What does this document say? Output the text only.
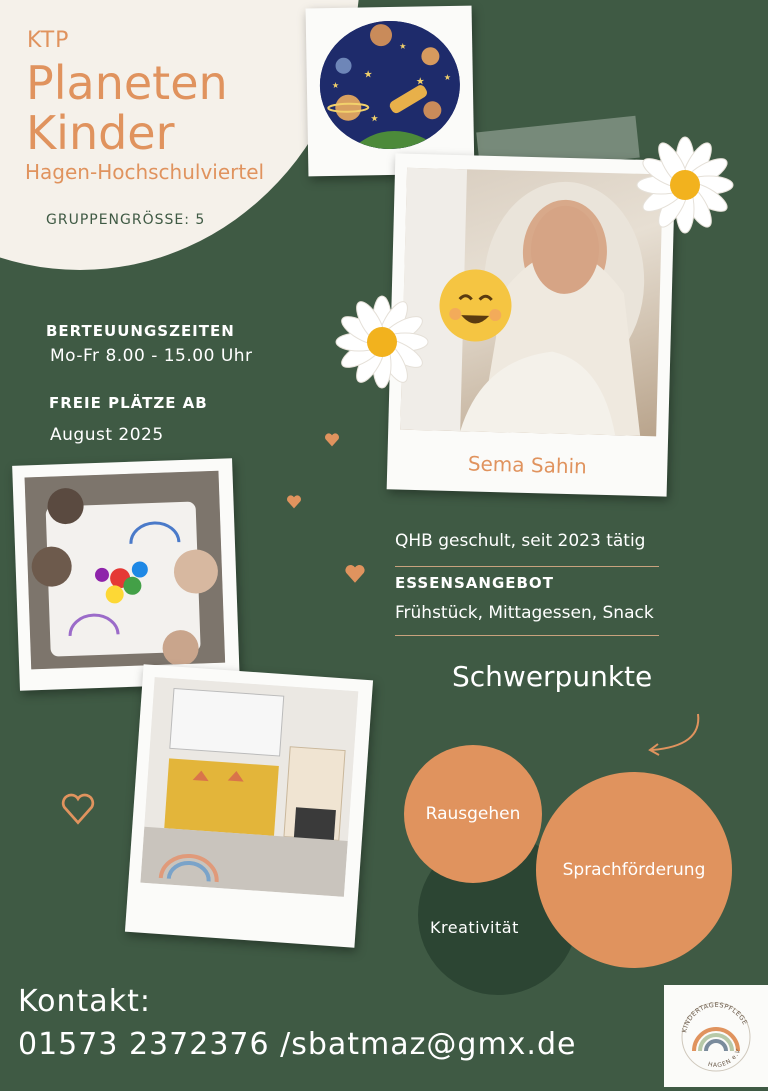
KTP
Planeten
Kinder
Hagen-Hochschulviertel
GRUPPENGRÖSSE: 5
★
★
★
★
★
★
Sema Sahin
BERTEUUNGSZEITEN
Mo-Fr 8.00 - 15.00 Uhr
FREIE PLÄTZE AB
August 2025
QHB geschult, seit 2023 tätig
ESSENSANGEBOT
Frühstück, Mittagessen, Snack
Schwerpunkte
Rausgehen
Sprachförderung
Kreativität
Kontakt:
01573 2372376 /sbatmaz@gmx.de	KINDERTAGESPFLEGE
HAGEN e.V
